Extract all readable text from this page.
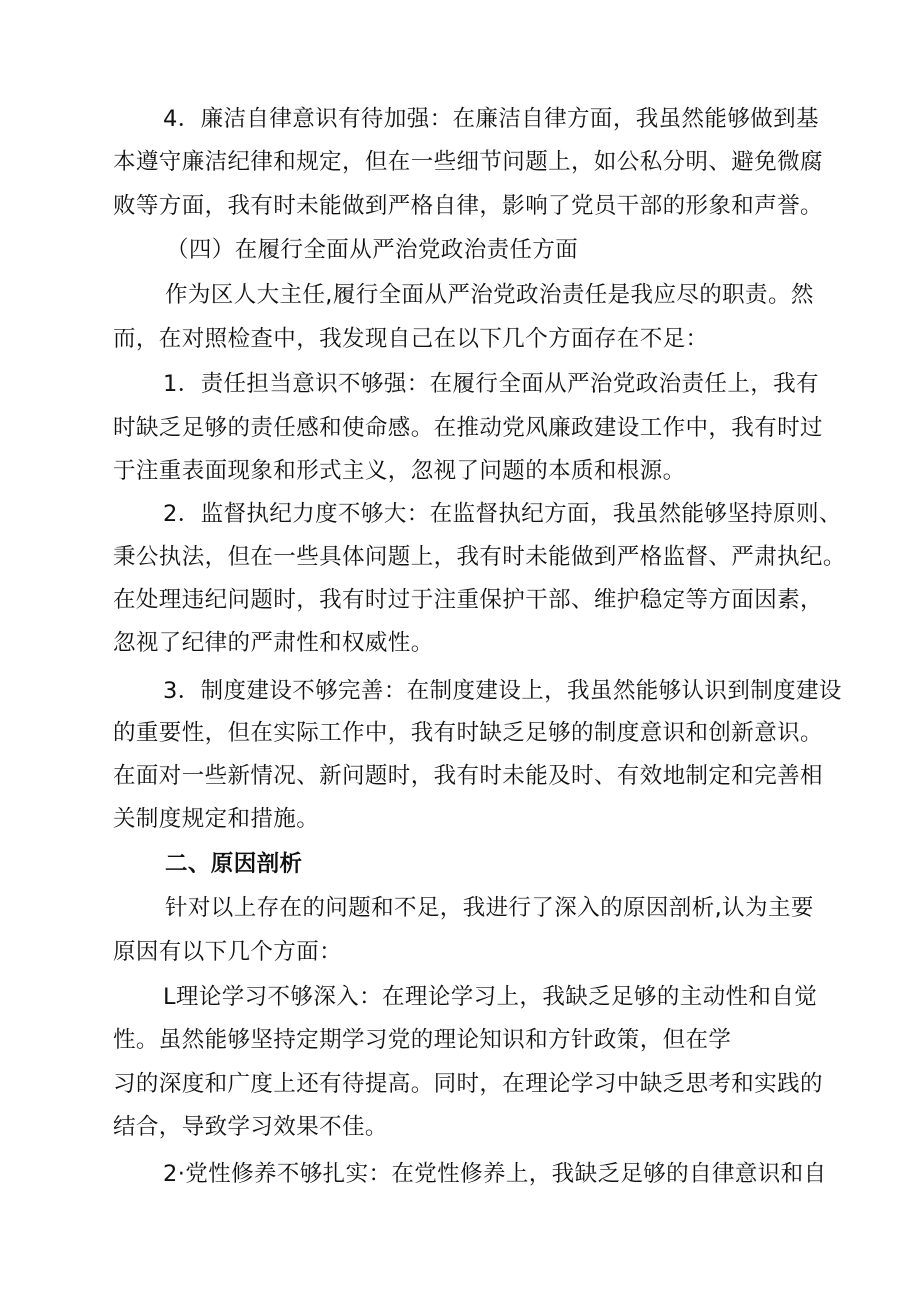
4．廉洁自律意识有待加强：在廉洁自律方面，我虽然能够做到基
本遵守廉洁纪律和规定，但在一些细节问题上，如公私分明、避免微腐
败等方面，我有时未能做到严格自律，影响了党员干部的形象和声誉。
（四）在履行全面从严治党政治责任方面
作为区人大主任,履行全面从严治党政治责任是我应尽的职责。然
而，在对照检查中，我发现自己在以下几个方面存在不足：
1．责任担当意识不够强：在履行全面从严治党政治责任上，我有
时缺乏足够的责任感和使命感。在推动党风廉政建设工作中，我有时过
于注重表面现象和形式主义，忽视了问题的本质和根源。
2．监督执纪力度不够大：在监督执纪方面，我虽然能够坚持原则、
秉公执法，但在一些具体问题上，我有时未能做到严格监督、严肃执纪。
在处理违纪问题时，我有时过于注重保护干部、维护稳定等方面因素，
忽视了纪律的严肃性和权威性。
3．制度建设不够完善：在制度建设上，我虽然能够认识到制度建设
的重要性，但在实际工作中，我有时缺乏足够的制度意识和创新意识。
在面对一些新情况、新问题时，我有时未能及时、有效地制定和完善相
关制度规定和措施。
二、原因剖析
针对以上存在的问题和不足，我进行了深入的原因剖析,认为主要
原因有以下几个方面：
L理论学习不够深入：在理论学习上，我缺乏足够的主动性和自觉
性。虽然能够坚持定期学习党的理论知识和方针政策，但在学
习的深度和广度上还有待提高。同时，在理论学习中缺乏思考和实践的
结合，导致学习效果不佳。
2·党性修养不够扎实：在党性修养上，我缺乏足够的自律意识和自
